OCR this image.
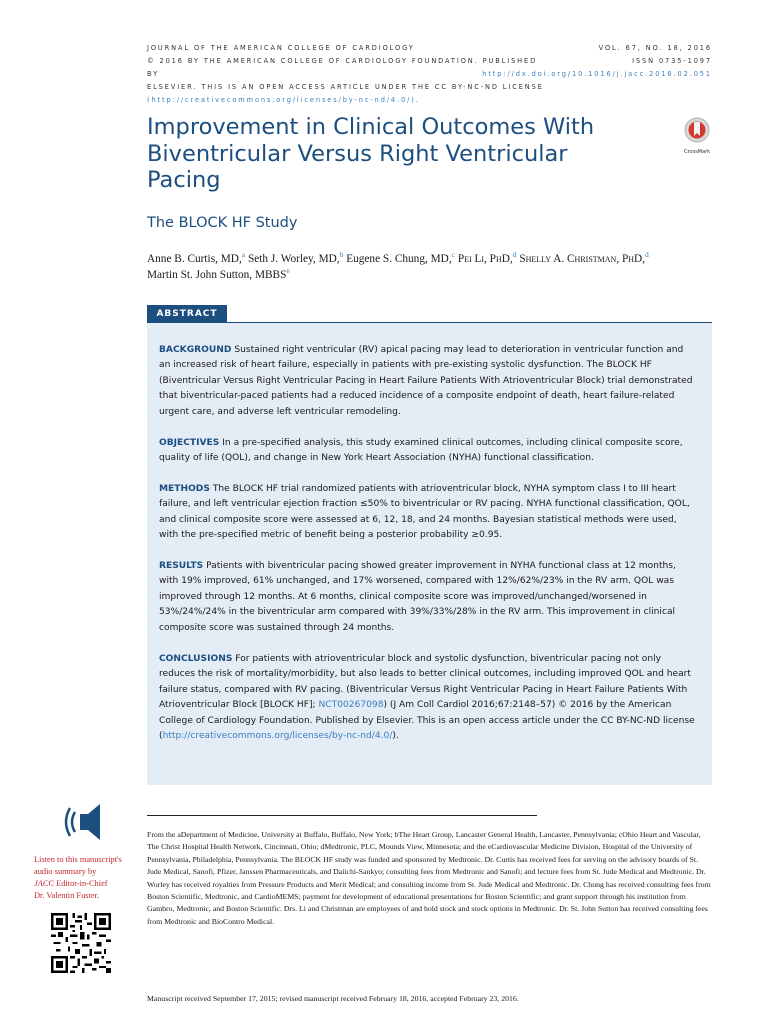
JOURNAL OF THE AMERICAN COLLEGE OF CARDIOLOGY
© 2016 BY THE AMERICAN COLLEGE OF CARDIOLOGY FOUNDATION. PUBLISHED BY
ELSEVIER. THIS IS AN OPEN ACCESS ARTICLE UNDER THE CC BY-NC-ND LICENSE
(http://creativecommons.org/licenses/by-nc-nd/4.0/).
VOL. 67, NO. 18, 2016
ISSN 0735-1097
http://dx.doi.org/10.1016/j.jacc.2016.02.051
Improvement in Clinical Outcomes With Biventricular Versus Right Ventricular Pacing
The BLOCK HF Study
CrossMark
Anne B. Curtis, MD,$^a$ Seth J. Worley, MD,$^b$ Eugene S. Chung, MD,$^c$ Pei Li, PhD,$^d$ Shelly A. Christman, PhD,$^d$
Martin St. John Sutton, MBBS$^e$
ABSTRACT

BACKGROUND Sustained right ventricular (RV) apical pacing may lead to deterioration in ventricular function and an increased risk of heart failure, especially in patients with pre-existing systolic dysfunction. The BLOCK HF (Biventricular Versus Right Ventricular Pacing in Heart Failure Patients With Atrioventricular Block) trial demonstrated that biventricular-paced patients had a reduced incidence of a composite endpoint of death, heart failure-related urgent care, and adverse left ventricular remodeling.

OBJECTIVES In a pre-specified analysis, this study examined clinical outcomes, including clinical composite score, quality of life (QOL), and change in New York Heart Association (NYHA) functional classification.

METHODS The BLOCK HF trial randomized patients with atrioventricular block, NYHA symptom class I to III heart failure, and left ventricular ejection fraction ≤50% to biventricular or RV pacing. NYHA functional classification, QOL, and clinical composite score were assessed at 6, 12, 18, and 24 months. Bayesian statistical methods were used, with the pre-specified metric of benefit being a posterior probability ≥0.95.

RESULTS Patients with biventricular pacing showed greater improvement in NYHA functional class at 12 months, with 19% improved, 61% unchanged, and 17% worsened, compared with 12%/62%/23% in the RV arm. QOL was improved through 12 months. At 6 months, clinical composite score was improved/unchanged/worsened in 53%/24%/24% in the biventricular arm compared with 39%/33%/28% in the RV arm. This improvement in clinical composite score was sustained through 24 months.

CONCLUSIONS For patients with atrioventricular block and systolic dysfunction, biventricular pacing not only reduces the risk of mortality/morbidity, but also leads to better clinical outcomes, including improved QOL and heart failure status, compared with RV pacing. (Biventricular Versus Right Ventricular Pacing in Heart Failure Patients With Atrioventricular Block [BLOCK HF]; NCT00267098) (J Am Coll Cardiol 2016;67:2148–57) © 2016 by the American College of Cardiology Foundation. Published by Elsevier. This is an open access article under the CC BY-NC-ND license (http://creativecommons.org/licenses/by-nc-nd/4.0/).

Listen to this manuscript's
audio summary by
JACC Editor-in-Chief
Dr. Valentin Fuster.

From the aDepartment of Medicine, University at Buffalo, Buffalo, New York; bThe Heart Group, Lancaster General Health, Lancaster, Pennsylvania; cOhio Heart and Vascular, The Christ Hospital Health Network, Cincinnati, Ohio; dMedtronic, PLC, Mounds View, Minnesota; and the eCardiovascular Medicine Division, Hospital of the University of Pennsylvania, Philadelphia, Pennsylvania. The BLOCK HF study was funded and sponsored by Medtronic. Dr. Curtis has received fees for serving on the advisory boards of St. Jude Medical, Sanofi, Pfizer, Janssen Pharmaceuticals, and Daiichi-Sankyo; consulting fees from Medtronic and Sanofi; and lecture fees from St. Jude Medical and Medtronic. Dr. Worley has received royalties from Pressure Products and Merit Medical; and consulting income from St. Jude Medical and Medtronic. Dr. Chung has received consulting fees from Boston Scientific, Medtronic, and CardioMEMS; payment for development of educational presentations for Boston Scientific; and grant support through his institution from Gambro, Medtronic, and Boston Scientific. Drs. Li and Christman are employees of and hold stock and stock options in Medtronic. Dr. St. John Sutton has received consulting fees from Medtronic and BioContro Medical.

Manuscript received September 17, 2015; revised manuscript received February 18, 2016, accepted February 23, 2016.
